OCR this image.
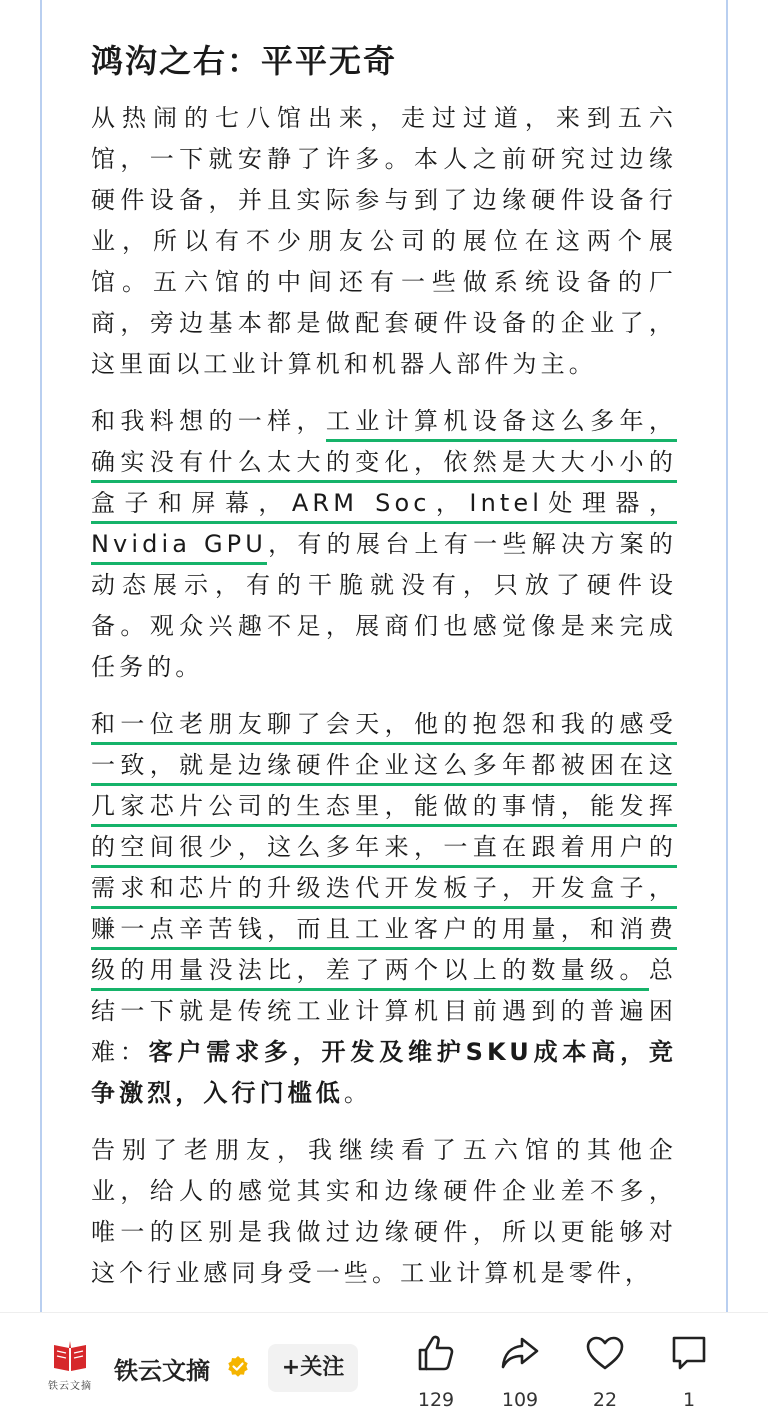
鸿沟之右：平平无奇

从热闹的七八馆出来，走过过道，来到五六馆，一下就安静了许多。本人之前研究过边缘硬件设备，并且实际参与到了边缘硬件设备行业，所以有不少朋友公司的展位在这两个展馆。五六馆的中间还有一些做系统设备的厂商，旁边基本都是做配套硬件设备的企业了，这里面以工业计算机和机器人部件为主。

和我料想的一样，工业计算机设备这么多年，确实没有什么太大的变化，依然是大大小小的盒子和屏幕，ARM Soc，Intel处理器，Nvidia GPU，有的展台上有一些解决方案的动态展示，有的干脆就没有，只放了硬件设备。观众兴趣不足，展商们也感觉像是来完成任务的。

和一位老朋友聊了会天，他的抱怨和我的感受一致，就是边缘硬件企业这么多年都被困在这几家芯片公司的生态里，能做的事情，能发挥的空间很少，这么多年来，一直在跟着用户的需求和芯片的升级迭代开发板子，开发盒子，赚一点辛苦钱，而且工业客户的用量，和消费级的用量没法比，差了两个以上的数量级。总结一下就是传统工业计算机目前遇到的普遍困难：客户需求多，开发及维护SKU成本高，竞争激烈，入行门槛低。

告别了老朋友，我继续看了五六馆的其他企业，给人的感觉其实和边缘硬件企业差不多，唯一的区别是我做过边缘硬件，所以更能够对这个行业感同身受一些。工业计算机是零件，

铁云文摘
铁云文摘	+关注
129	109	22	1
